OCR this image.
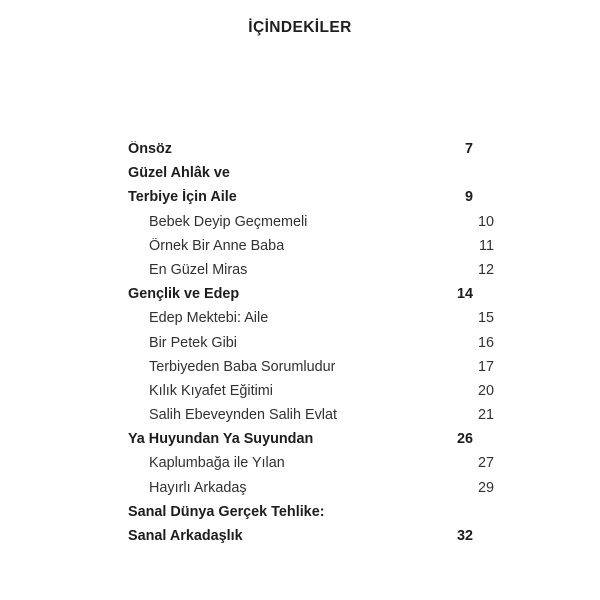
İÇİNDEKİLER
Önsöz .....	7
Güzel Ahlâk ve
Terbiye İçin Aile .....	9
Bebek Deyip Geçmemeli .....	10
Örnek Bir Anne Baba .....	11
En Güzel Miras .....	12
Gençlik ve Edep .....	14
Edep Mektebi: Aile .....	15
Bir Petek Gibi .....	16
Terbiyeden Baba Sorumludur .....	17
Kılık Kıyafet Eğitimi .....	20
Salih Ebeveynden Salih Evlat .....	21
Ya Huyundan Ya Suyundan .....	26
Kaplumbağa ile Yılan .....	27
Hayırlı Arkadaş .....	29
Sanal Dünya Gerçek Tehlike:
Sanal Arkadaşlık .....	32
